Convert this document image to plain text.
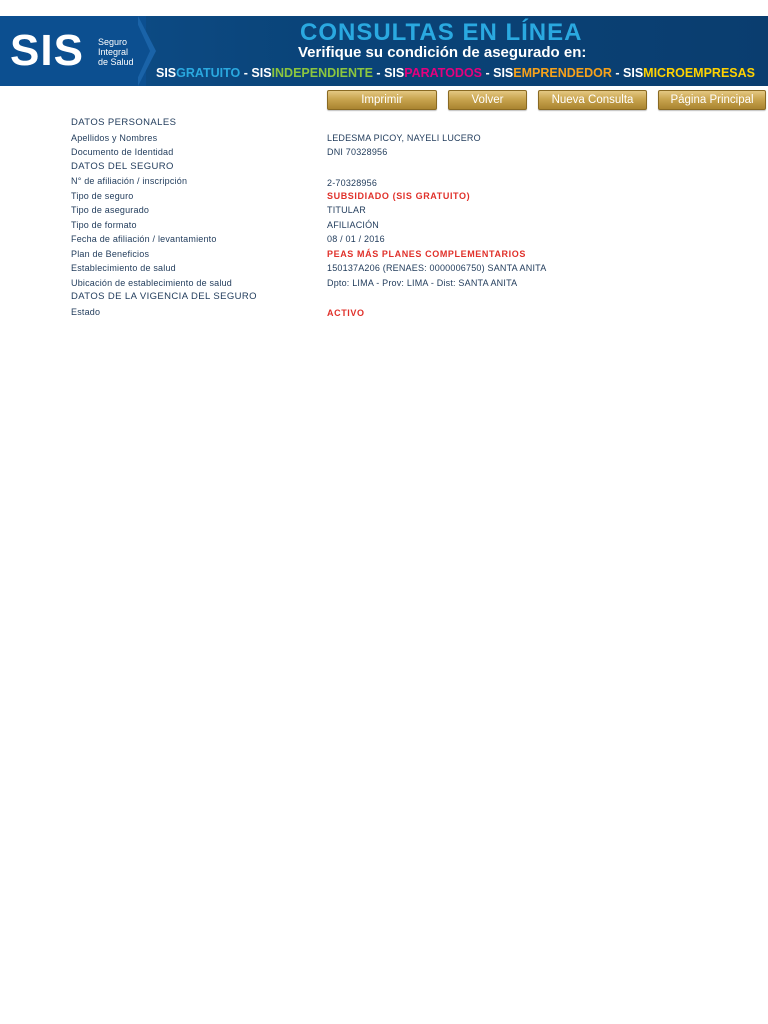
SIS Seguro
Integral
de Salud
CONSULTAS EN LÍNEA
Verifique su condición de asegurado en:
SISGRATUITO - SISINDEPENDIENTE - SISPARATODOS - SISEMPRENDEDOR - SISMICROEMPRESAS
Imprimir	Volver	Nueva Consulta	Página Principal
DATOS PERSONALES
Apellidos y Nombres	LEDESMA PICOY, NAYELI LUCERO
Documento de Identidad	DNI 70328956
DATOS DEL SEGURO
N° de afiliación / inscripción	2-70328956
Tipo de seguro	SUBSIDIADO (SIS GRATUITO)
Tipo de asegurado	TITULAR
Tipo de formato	AFILIACIÓN
Fecha de afiliación / levantamiento	08 / 01 / 2016
Plan de Beneficios	PEAS MÁS PLANES COMPLEMENTARIOS
Establecimiento de salud	150137A206 (RENAES: 0000006750) SANTA ANITA
Ubicación de establecimiento de salud	Dpto: LIMA - Prov: LIMA - Dist: SANTA ANITA
DATOS DE LA VIGENCIA DEL SEGURO
Estado	ACTIVO
